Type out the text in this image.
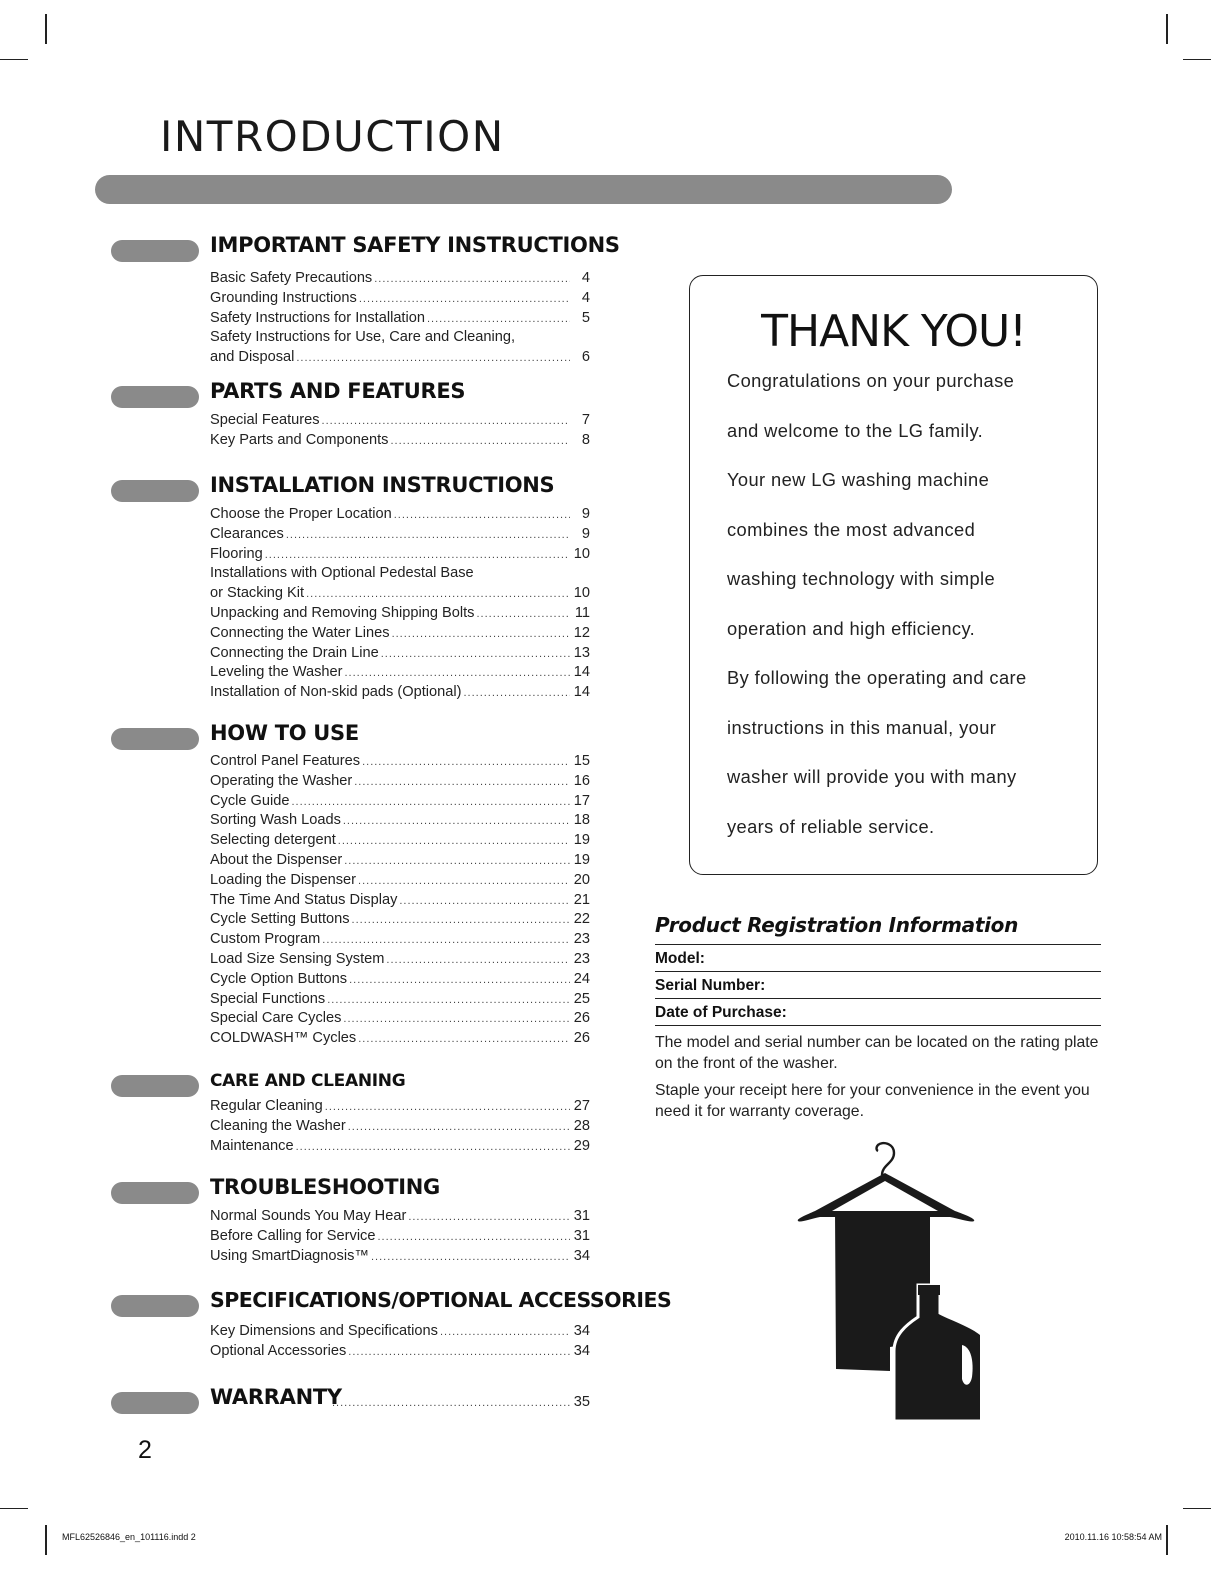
INTRODUCTION
IMPORTANT SAFETY INSTRUCTIONS
Basic Safety Precautions .....	4
Grounding Instructions .....	4
Safety Instructions for Installation .....	5
Safety Instructions for Use, Care and Cleaning,
and Disposal .....	6
PARTS AND FEATURES
Special Features .....	7
Key Parts and Components .....	8
INSTALLATION INSTRUCTIONS
Choose the Proper Location .....	9
Clearances .....	9
Flooring .....	10
Installations with Optional Pedestal Base
or Stacking Kit .....	10
Unpacking and Removing Shipping Bolts .....	11
Connecting the Water Lines .....	12
Connecting the Drain Line .....	13
Leveling the Washer .....	14
Installation of Non-skid pads (Optional) .....	14
HOW TO USE
Control Panel Features .....	15
Operating the Washer .....	16
Cycle Guide .....	17
Sorting Wash Loads .....	18
Selecting detergent .....	19
About the Dispenser .....	19
Loading the Dispenser .....	20
The Time And Status Display .....	21
Cycle Setting Buttons .....	22
Custom Program .....	23
Load Size Sensing System .....	23
Cycle Option Buttons .....	24
Special Functions .....	25
Special Care Cycles .....	26
COLDWASH™ Cycles .....	26
CARE AND CLEANING
Regular Cleaning .....	27
Cleaning the Washer .....	28
Maintenance .....	29
TROUBLESHOOTING
Normal Sounds You May Hear .....	31
Before Calling for Service .....	31
Using SmartDiagnosis™ .....	34
SPECIFICATIONS/OPTIONAL ACCESSORIES
Key Dimensions and Specifications .....	34
Optional Accessories .....	34
WARRANTY .....	35
THANK YOU!
Congratulations on your purchase
and welcome to the LG family.
Your new LG washing machine
combines the most advanced
washing technology with simple
operation and high efficiency.
By following the operating and care
instructions in this manual, your
washer will provide you with many
years of reliable service.
Product Registration Information
Model:
Serial Number:
Date of Purchase:

The model and serial number can be located on the rating plate on the front of the washer.

Staple your receipt here for your convenience in the event you need it for warranty coverage.

2
MFL62526846_en_101116.indd 2	2010.11.16 10:58:54 AM
